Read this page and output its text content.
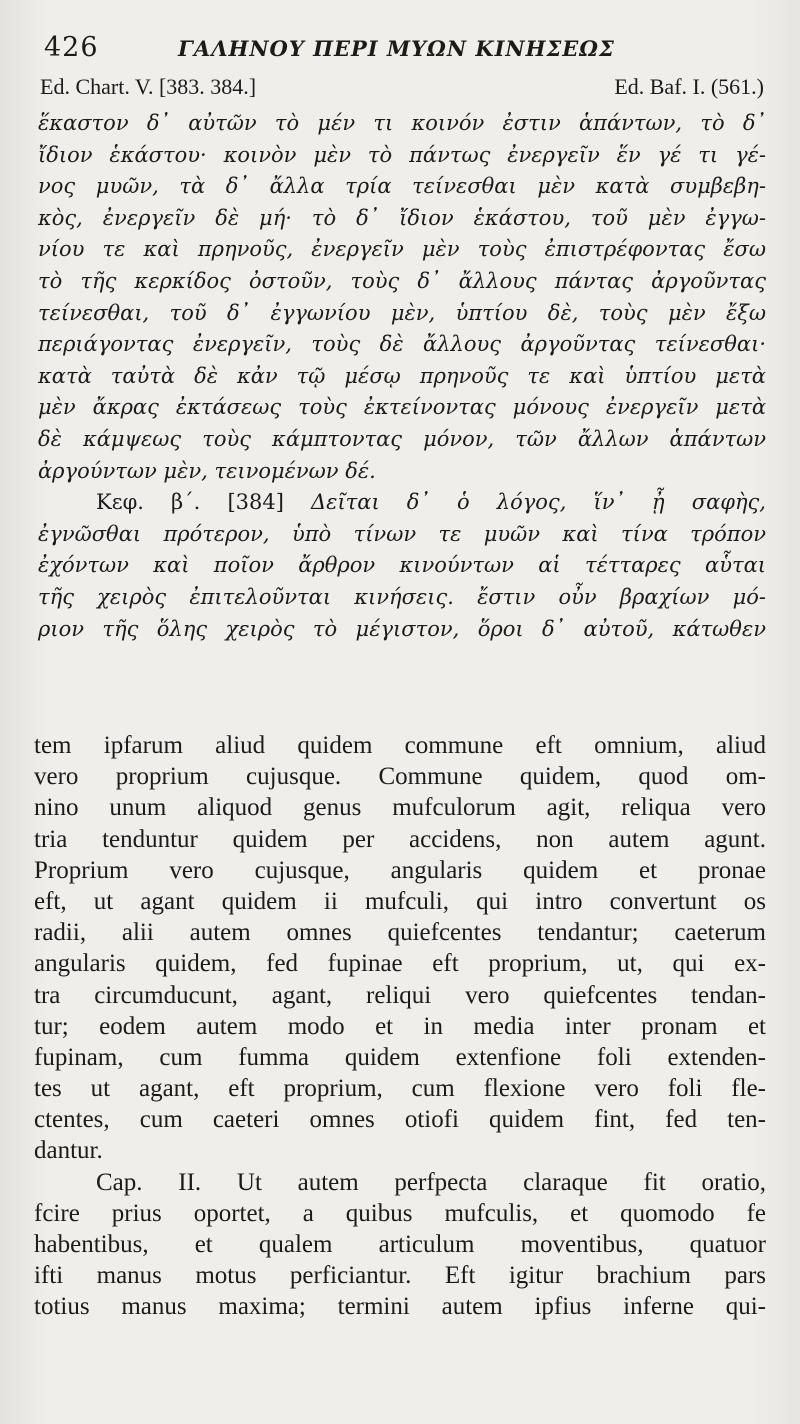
426	ΓΑΛΗΝΟΥ ΠΕΡΙ ΜΥΩΝ ΚΙΝΗΣΕΩΣ
Ed. Chart. V. [383. 384.]	Ed. Baf. I. (561.)
ἕκαστον δ᾽ αὐτῶν τὸ μέν τι κοινόν ἐστιν ἁπάντων, τὸ δ᾽
ἴδιον ἑκάστου· κοινὸν μὲν τὸ πάντως ἐνεργεῖν ἕν γέ τι γέ-
νος μυῶν, τὰ δ᾽ ἄλλα τρία τείνεσθαι μὲν κατὰ συμβεβη-
κὸς, ἐνεργεῖν δὲ μή· τὸ δ᾽ ἴδιον ἑκάστου, τοῦ μὲν ἐγγω-
νίου τε καὶ πρηνοῦς, ἐνεργεῖν μὲν τοὺς ἐπιστρέφοντας ἔσω
τὸ τῆς κερκίδος ὀστοῦν, τοὺς δ᾽ ἄλλους πάντας ἀργοῦντας
τείνεσθαι, τοῦ δ᾽ ἐγγωνίου μὲν, ὑπτίου δὲ, τοὺς μὲν ἔξω
περιάγοντας ἐνεργεῖν, τοὺς δὲ ἄλλους ἀργοῦντας τείνεσθαι·
κατὰ ταὐτὰ δὲ κἀν τῷ μέσῳ πρηνοῦς τε καὶ ὑπτίου μετὰ
μὲν ἄκρας ἐκτάσεως τοὺς ἐκτείνοντας μόνους ἐνεργεῖν μετὰ
δὲ κάμψεως τοὺς κάμπτοντας μόνον, τῶν ἄλλων ἁπάντων
ἀργούντων μὲν, τεινομένων δέ.
Κεφ. β΄. [384] Δεῖται δ᾽ ὁ λόγος, ἵν᾽ ᾖ σαφὴς,
ἐγνῶσθαι πρότερον, ὑπὸ τίνων τε μυῶν καὶ τίνα τρόπον
ἐχόντων καὶ ποῖον ἄρθρον κινούντων αἱ τέτταρες αὗται
τῆς χειρὸς ἐπιτελοῦνται κινήσεις. ἔστιν οὖν βραχίων μό-
ριον τῆς ὅλης χειρὸς τὸ μέγιστον, ὅροι δ᾽ αὐτοῦ, κάτωθεν
tem ipfarum aliud quidem commune eft omnium, aliud
vero proprium cujusque. Commune quidem, quod om-
nino unum aliquod genus mufculorum agit, reliqua vero
tria tenduntur quidem per accidens, non autem agunt.
Proprium vero cujusque, angularis quidem et pronae
eft, ut agant quidem ii mufculi, qui intro convertunt os
radii, alii autem omnes quiefcentes tendantur; caeterum
angularis quidem, fed fupinae eft proprium, ut, qui ex-
tra circumducunt, agant, reliqui vero quiefcentes tendan-
tur; eodem autem modo et in media inter pronam et
fupinam, cum fumma quidem extenfione foli extenden-
tes ut agant, eft proprium, cum flexione vero foli fle-
ctentes, cum caeteri omnes otiofi quidem fint, fed ten-
dantur.
Cap. II. Ut autem perfpecta claraque fit oratio,
fcire prius oportet, a quibus mufculis, et quomodo fe
habentibus, et qualem articulum moventibus, quatuor
ifti manus motus perficiantur. Eft igitur brachium pars
totius manus maxima; termini autem ipfius inferne qui-
